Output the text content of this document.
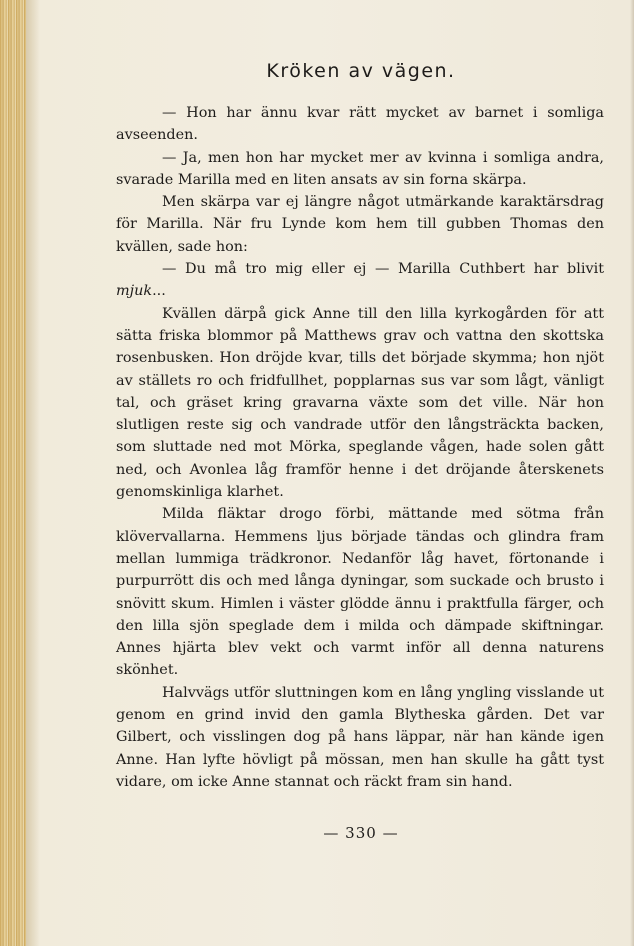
Kröken av vägen.

— Hon har ännu kvar rätt mycket av barnet i somliga avseenden.

— Ja, men hon har mycket mer av kvinna i somliga andra, svarade Marilla med en liten ansats av sin forna skärpa.

Men skärpa var ej längre något utmärkande karaktärsdrag för Marilla. När fru Lynde kom hem till gubben Thomas den kvällen, sade hon:

— Du må tro mig eller ej — Marilla Cuthbert har blivit mjuk...

Kvällen därpå gick Anne till den lilla kyrkogården för att sätta friska blommor på Matthews grav och vattna den skottska rosenbusken. Hon dröjde kvar, tills det började skymma; hon njöt av ställets ro och fridfullhet, popplarnas sus var som lågt, vänligt tal, och gräset kring gravarna växte som det ville. När hon slutligen reste sig och vandrade utför den långsträckta backen, som sluttade ned mot Mörka, speglande vågen, hade solen gått ned, och Avonlea låg framför henne i det dröjande återskenets genomskinliga klarhet.

Milda fläktar drogo förbi, mättande med sötma från klövervallarna. Hemmens ljus började tändas och glindra fram mellan lummiga trädkronor. Nedanför låg havet, förtonande i purpurrött dis och med långa dyningar, som suckade och brusto i snövitt skum. Himlen i väster glödde ännu i praktfulla färger, och den lilla sjön speglade dem i milda och dämpade skiftningar. Annes hjärta blev vekt och varmt inför all denna naturens skönhet.

Halvvägs utför sluttningen kom en lång yngling visslande ut genom en grind invid den gamla Blytheska gården. Det var Gilbert, och visslingen dog på hans läppar, när han kände igen Anne. Han lyfte hövligt på mössan, men han skulle ha gått tyst vidare, om icke Anne stannat och räckt fram sin hand.

— 330 —
